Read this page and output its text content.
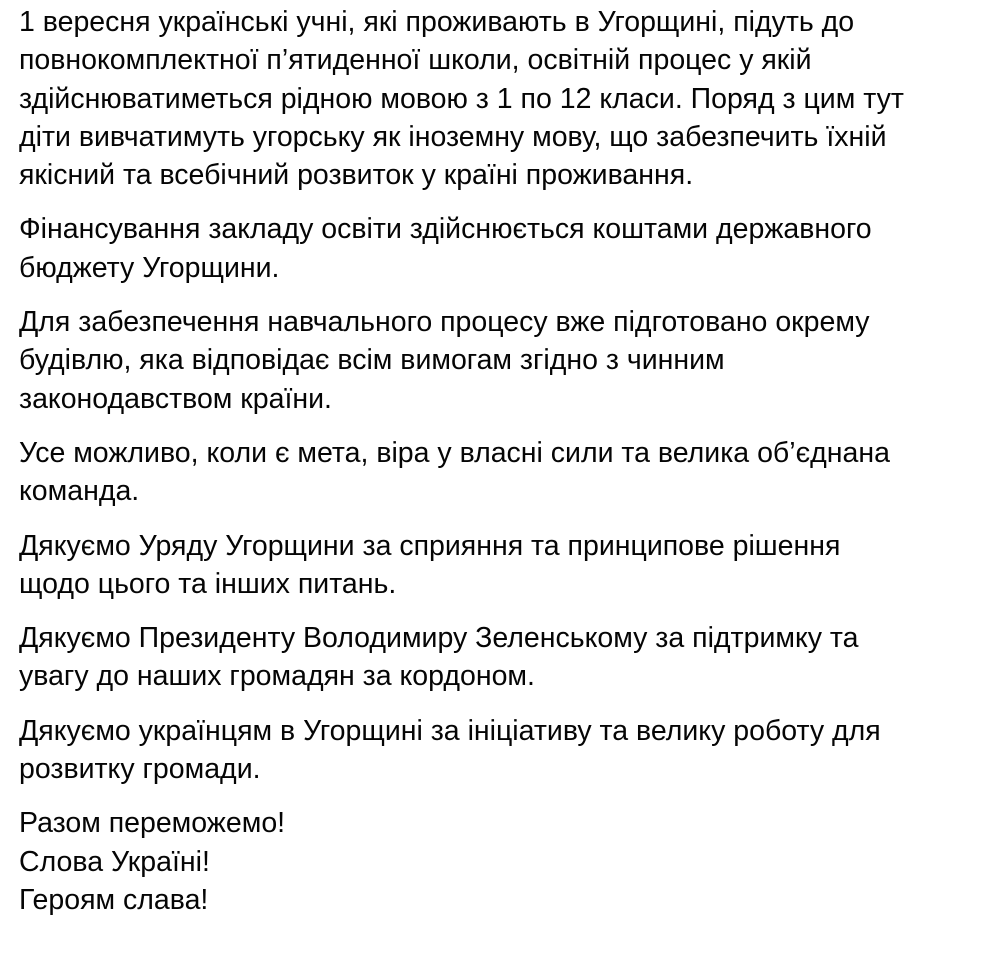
1 вересня українські учні, які проживають в Угорщині, підуть до
повнокомплектної п’ятиденної школи, освітній процес у якій
здійснюватиметься рідною мовою з 1 по 12 класи. Поряд з цим тут
діти вивчатимуть угорську як іноземну мову, що забезпечить їхній
якісний та всебічний розвиток у країні проживання.

Фінансування закладу освіти здійснюється коштами державного
бюджету Угорщини.

Для забезпечення навчального процесу вже підготовано окрему
будівлю, яка відповідає всім вимогам згідно з чинним
законодавством країни.

Усе можливо, коли є мета, віра у власні сили та велика об’єднана
команда.

Дякуємо Уряду Угорщини за сприяння та принципове рішення
щодо цього та інших питань.

Дякуємо Президенту Володимиру Зеленському за підтримку та
увагу до наших громадян за кордоном.

Дякуємо українцям в Угорщині за ініціативу та велику роботу для
розвитку громади.

Разом переможемо!
Слова Україні!
Героям слава!
